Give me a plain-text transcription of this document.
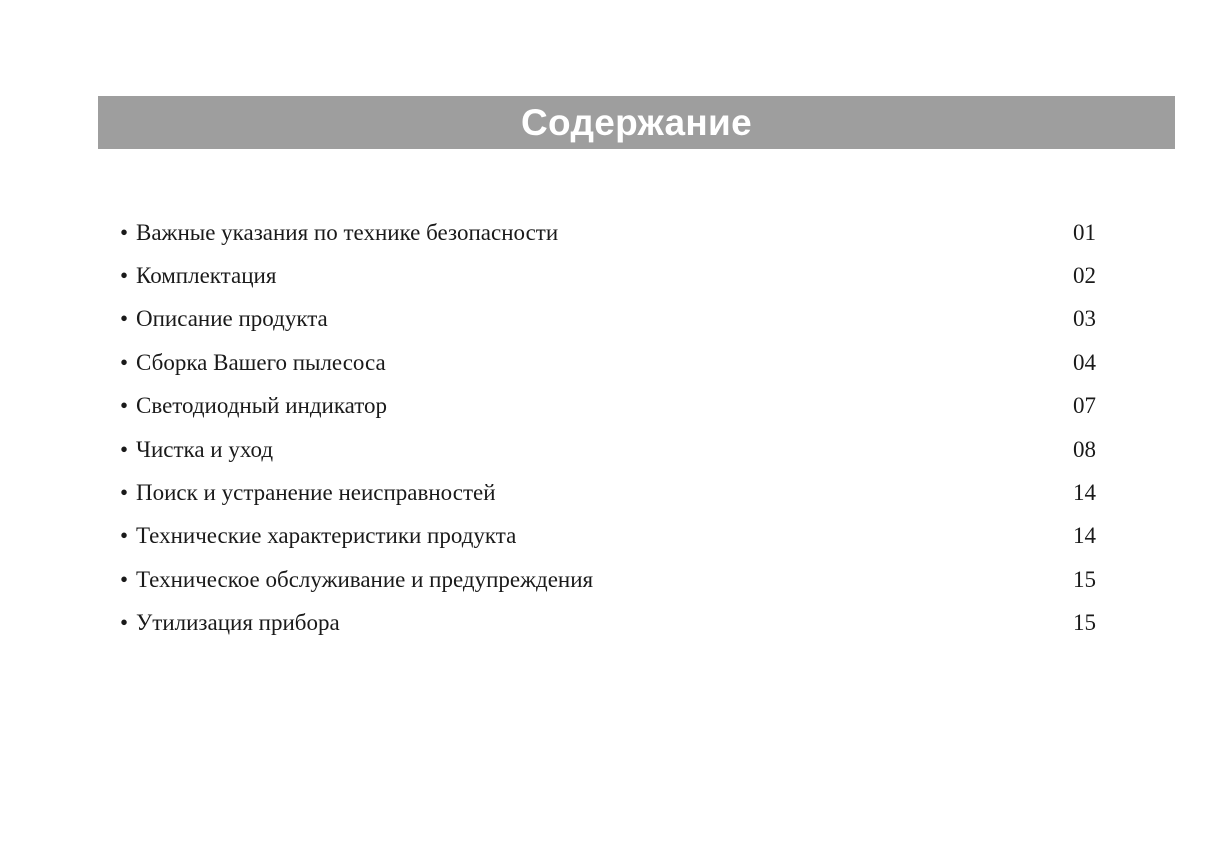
Содержание
• Важные указания по технике безопасности	01
• Комплектация	02
• Описание продукта	03
• Сборка Вашего пылесоса	04
• Светодиодный индикатор	07
• Чистка и уход	08
• Поиск и устранение неисправностей	14
• Технические характеристики продукта	14
• Техническое обслуживание и предупреждения	15
• Утилизация прибора	15
